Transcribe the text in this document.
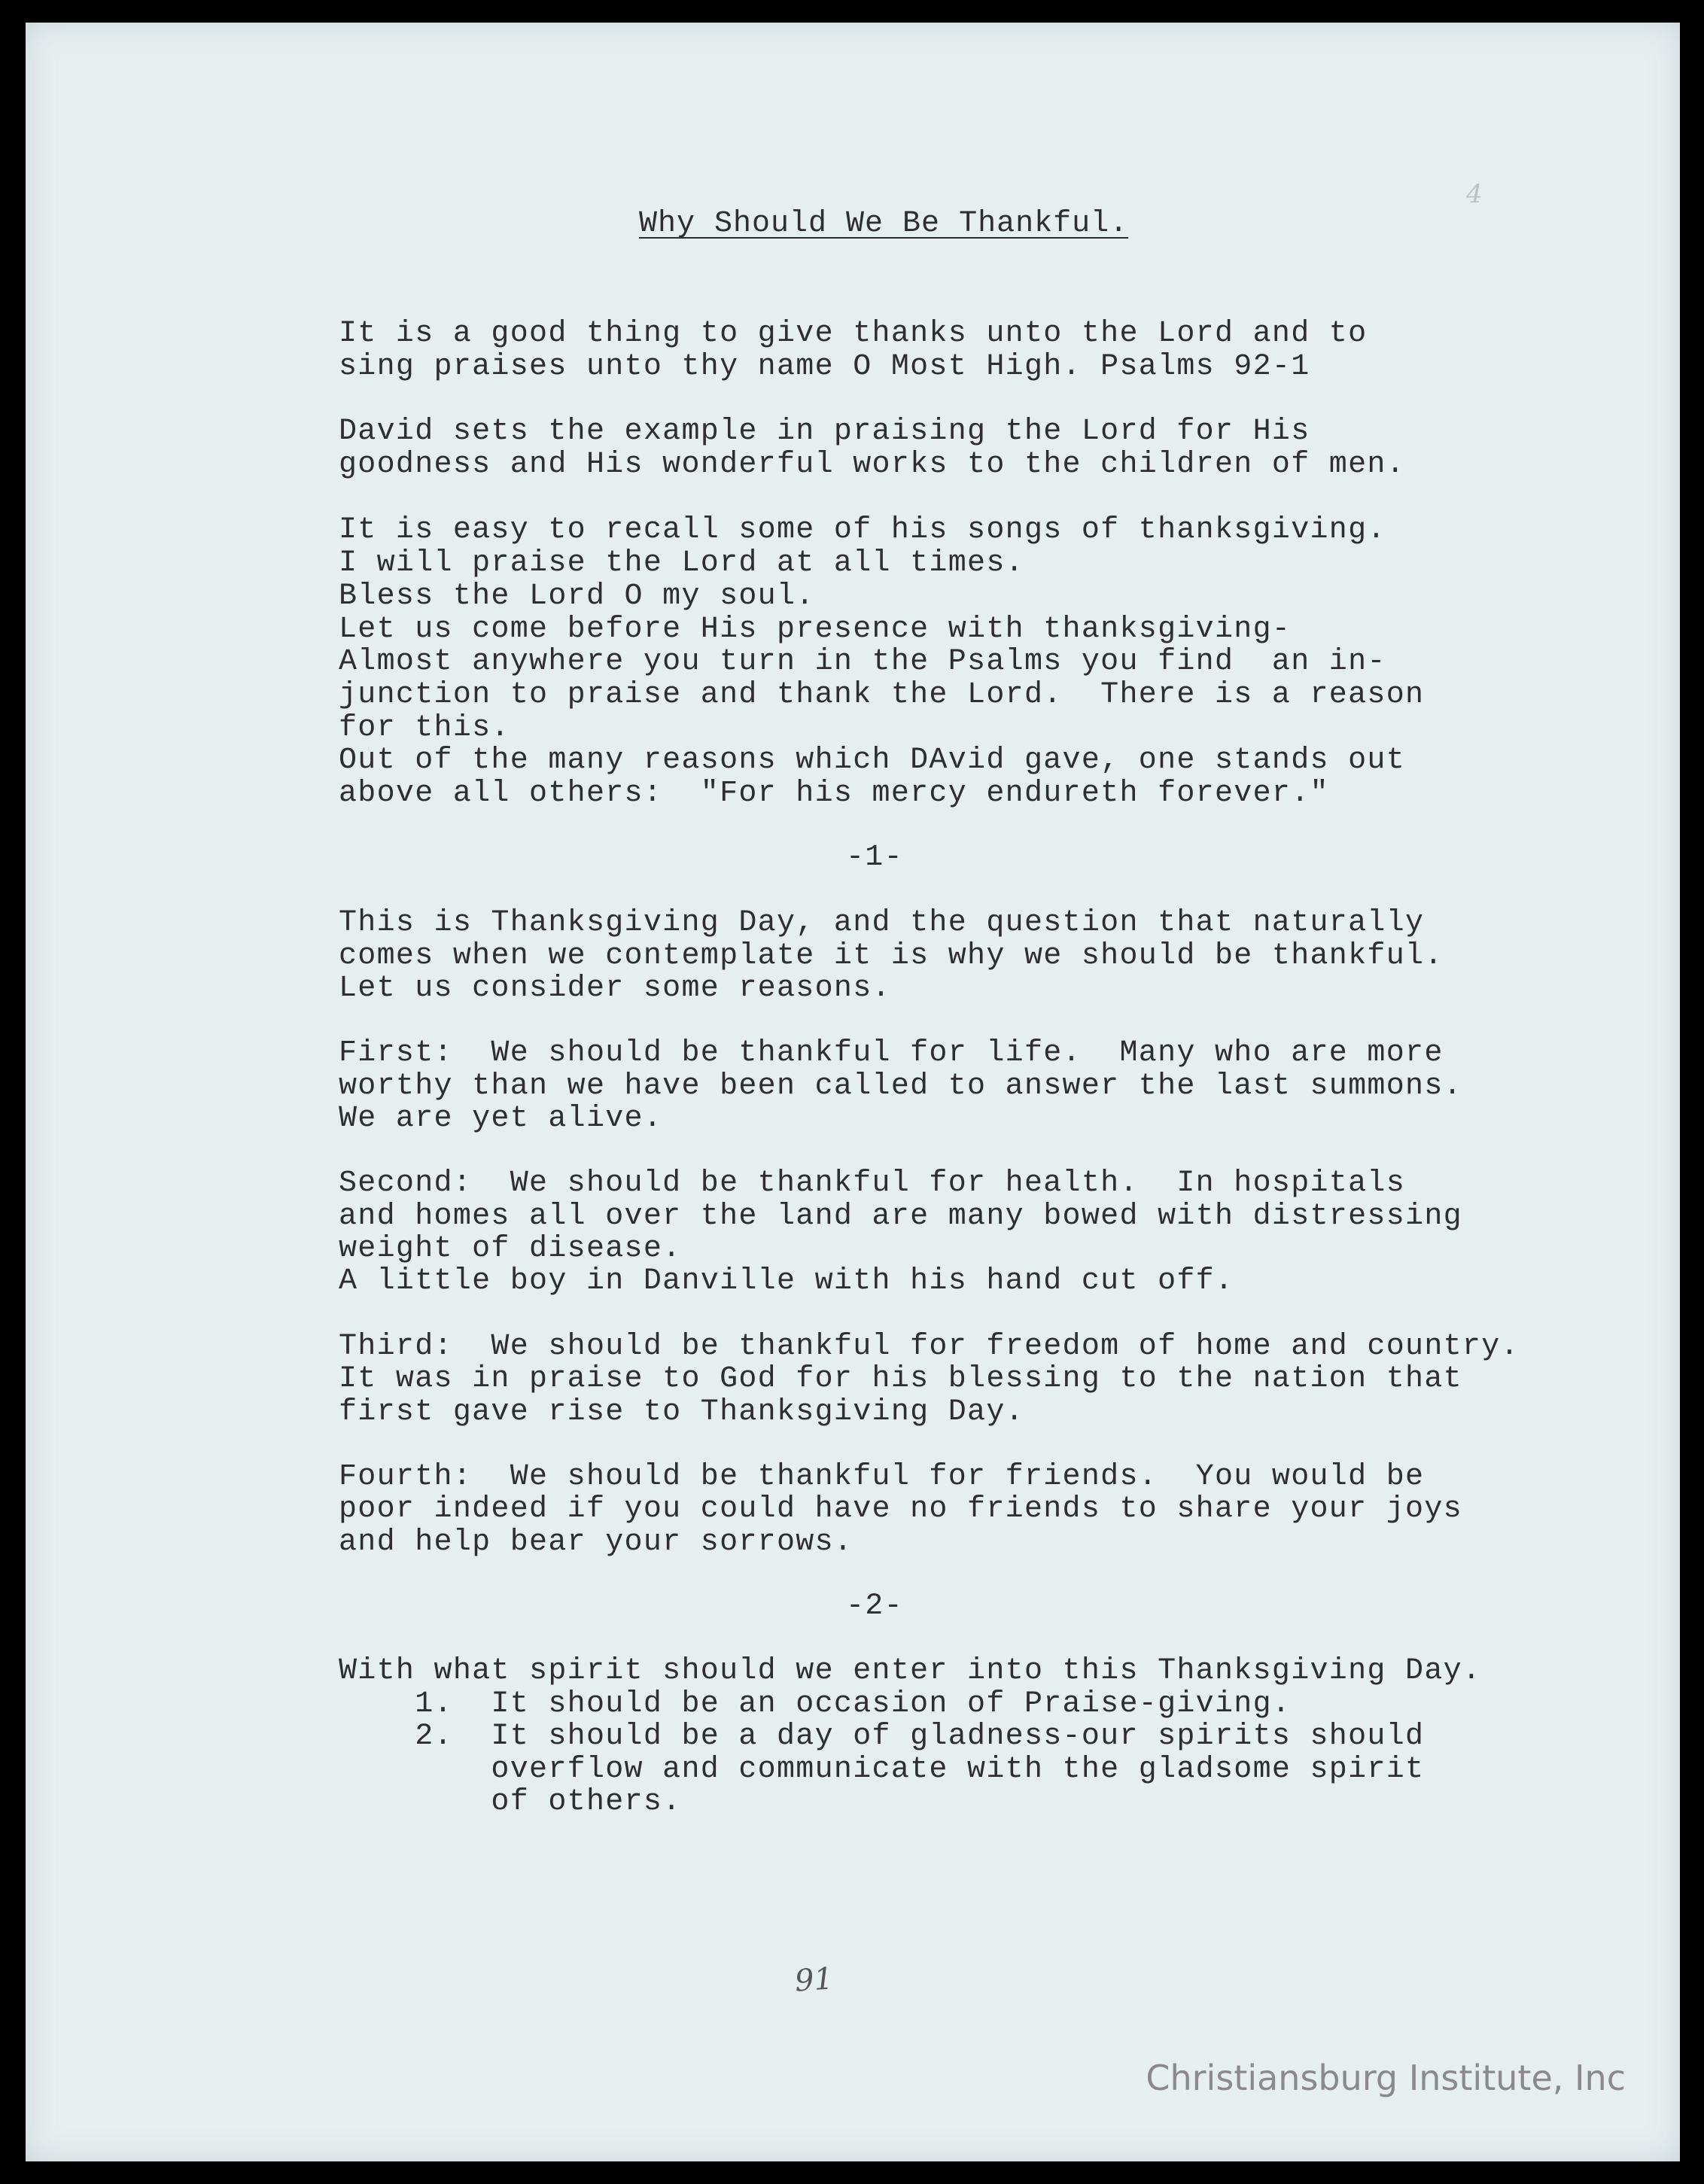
4
Why Should We Be Thankful.

It is a good thing to give thanks unto the Lord and to

sing praises unto thy name O Most High. Psalms 92-1

David sets the example in praising the Lord for His

goodness and His wonderful works to the children of men.

It is easy to recall some of his songs of thanksgiving.

I will praise the Lord at all times.

Bless the Lord O my soul.

Let us come before His presence with thanksgiving-

Almost anywhere you turn in the Psalms you find  an in-

junction to praise and thank the Lord.  There is a reason

for this.

Out of the many reasons which DAvid gave, one stands out

above all others:  "For his mercy endureth forever."

-1-

This is Thanksgiving Day, and the question that naturally

comes when we contemplate it is why we should be thankful.

Let us consider some reasons.

First:  We should be thankful for life.  Many who are more

worthy than we have been called to answer the last summons.

We are yet alive.

Second:  We should be thankful for health.  In hospitals

and homes all over the land are many bowed with distressing

weight of disease.

A little boy in Danville with his hand cut off.

Third:  We should be thankful for freedom of home and country.

It was in praise to God for his blessing to the nation that

first gave rise to Thanksgiving Day.

Fourth:  We should be thankful for friends.  You would be

poor indeed if you could have no friends to share your joys

and help bear your sorrows.

-2-

With what spirit should we enter into this Thanksgiving Day.

1.  It should be an occasion of Praise-giving.

2.  It should be a day of gladness-our spirits should

overflow and communicate with the gladsome spirit

of others.

91
Christiansburg Institute, Inc
